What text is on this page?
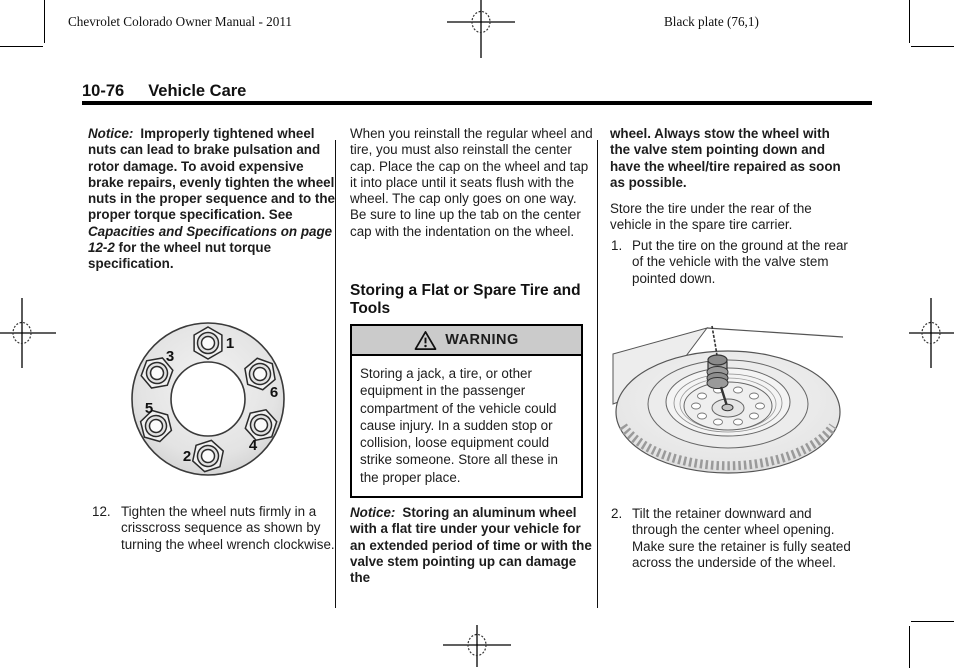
Chevrolet Colorado Owner Manual - 2011	Black plate (76,1)
10-76 Vehicle Care
Notice: Improperly tightened wheel nuts can lead to brake pulsation and rotor damage. To avoid expensive brake repairs, evenly tighten the wheel nuts in the proper sequence and to the proper torque specification. See Capacities and Specifications on page 12-2 for the wheel nut torque specification.
1
2
3
4
5
6
12. Tighten the wheel nuts firmly in a crisscross sequence as shown by turning the wheel wrench clockwise.
When you reinstall the regular wheel and tire, you must also reinstall the center cap. Place the cap on the wheel and tap it into place until it seats flush with the wheel. The cap only goes on one way. Be sure to line up the tab on the center cap with the indentation on the wheel.
Storing a Flat or Spare Tire and Tools
WARNING
Storing a jack, a tire, or other equipment in the passenger compartment of the vehicle could cause injury. In a sudden stop or collision, loose equipment could strike someone. Store all these in the proper place.
Notice: Storing an aluminum wheel with a flat tire under your vehicle for an extended period of time or with the valve stem pointing up can damage the
wheel. Always stow the wheel with the valve stem pointing down and have the wheel/tire repaired as soon as possible.
Store the tire under the rear of the vehicle in the spare tire carrier.
1. Put the tire on the ground at the rear of the vehicle with the valve stem pointed down.
2. Tilt the retainer downward and through the center wheel opening. Make sure the retainer is fully seated across the underside of the wheel.
